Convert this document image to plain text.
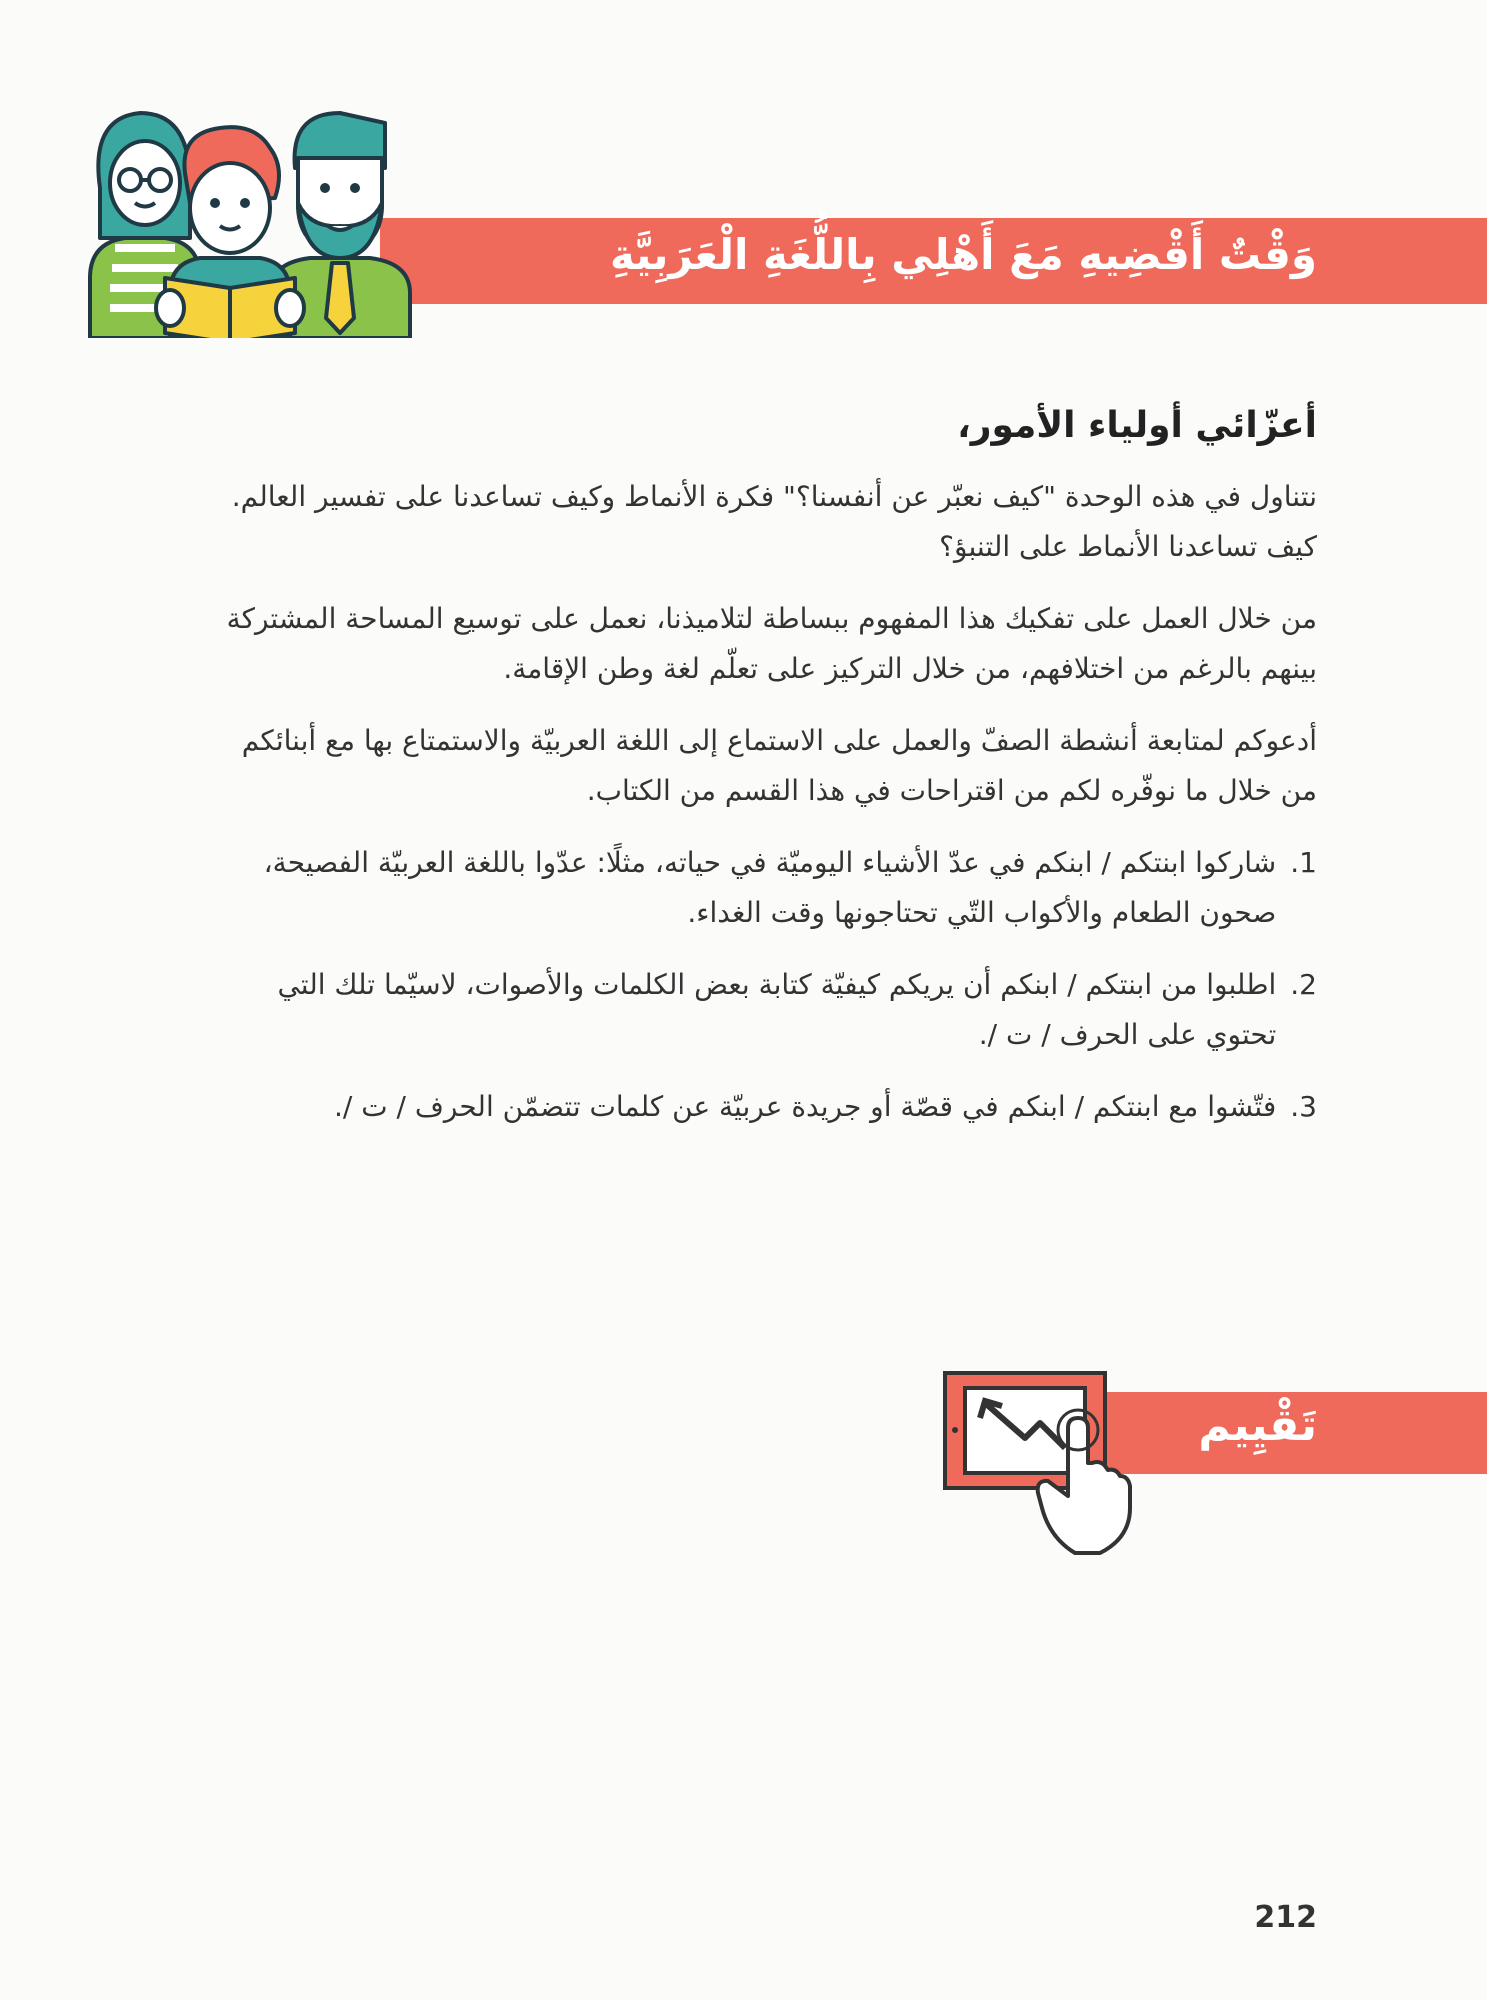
وَقْتٌ أَقْضِيهِ مَعَ أَهْلِي بِاللُّغَةِ الْعَرَبِيَّةِ
أعزّائي أولياء الأمور،

نتناول في هذه الوحدة "كيف نعبّر عن أنفسنا؟" فكرة الأنماط وكيف تساعدنا على تفسير العالم. كيف تساعدنا الأنماط على التنبؤ؟

من خلال العمل على تفكيك هذا المفهوم ببساطة لتلاميذنا، نعمل على توسيع المساحة المشتركة بينهم بالرغم من اختلافهم، من خلال التركيز على تعلّم لغة وطن الإقامة.

أدعوكم لمتابعة أنشطة الصفّ والعمل على الاستماع إلى اللغة العربيّة والاستمتاع بها مع أبنائكم من خلال ما نوفّره لكم من اقتراحات في هذا القسم من الكتاب.

1.
شاركوا ابنتكم / ابنكم في عدّ الأشياء اليوميّة في حياته، مثلًا: عدّوا باللغة العربيّة الفصيحة، صحون الطعام والأكواب التّي تحتاجونها وقت الغداء.
2.
اطلبوا من ابنتكم / ابنكم أن يريكم كيفيّة كتابة بعض الكلمات والأصوات، لاسيّما تلك التي تحتوي على الحرف / ت /.
3.
فتّشوا مع ابنتكم / ابنكم في قصّة أو جريدة عربيّة عن كلمات تتضمّن الحرف / ت /.
تَقْيِيم
212
